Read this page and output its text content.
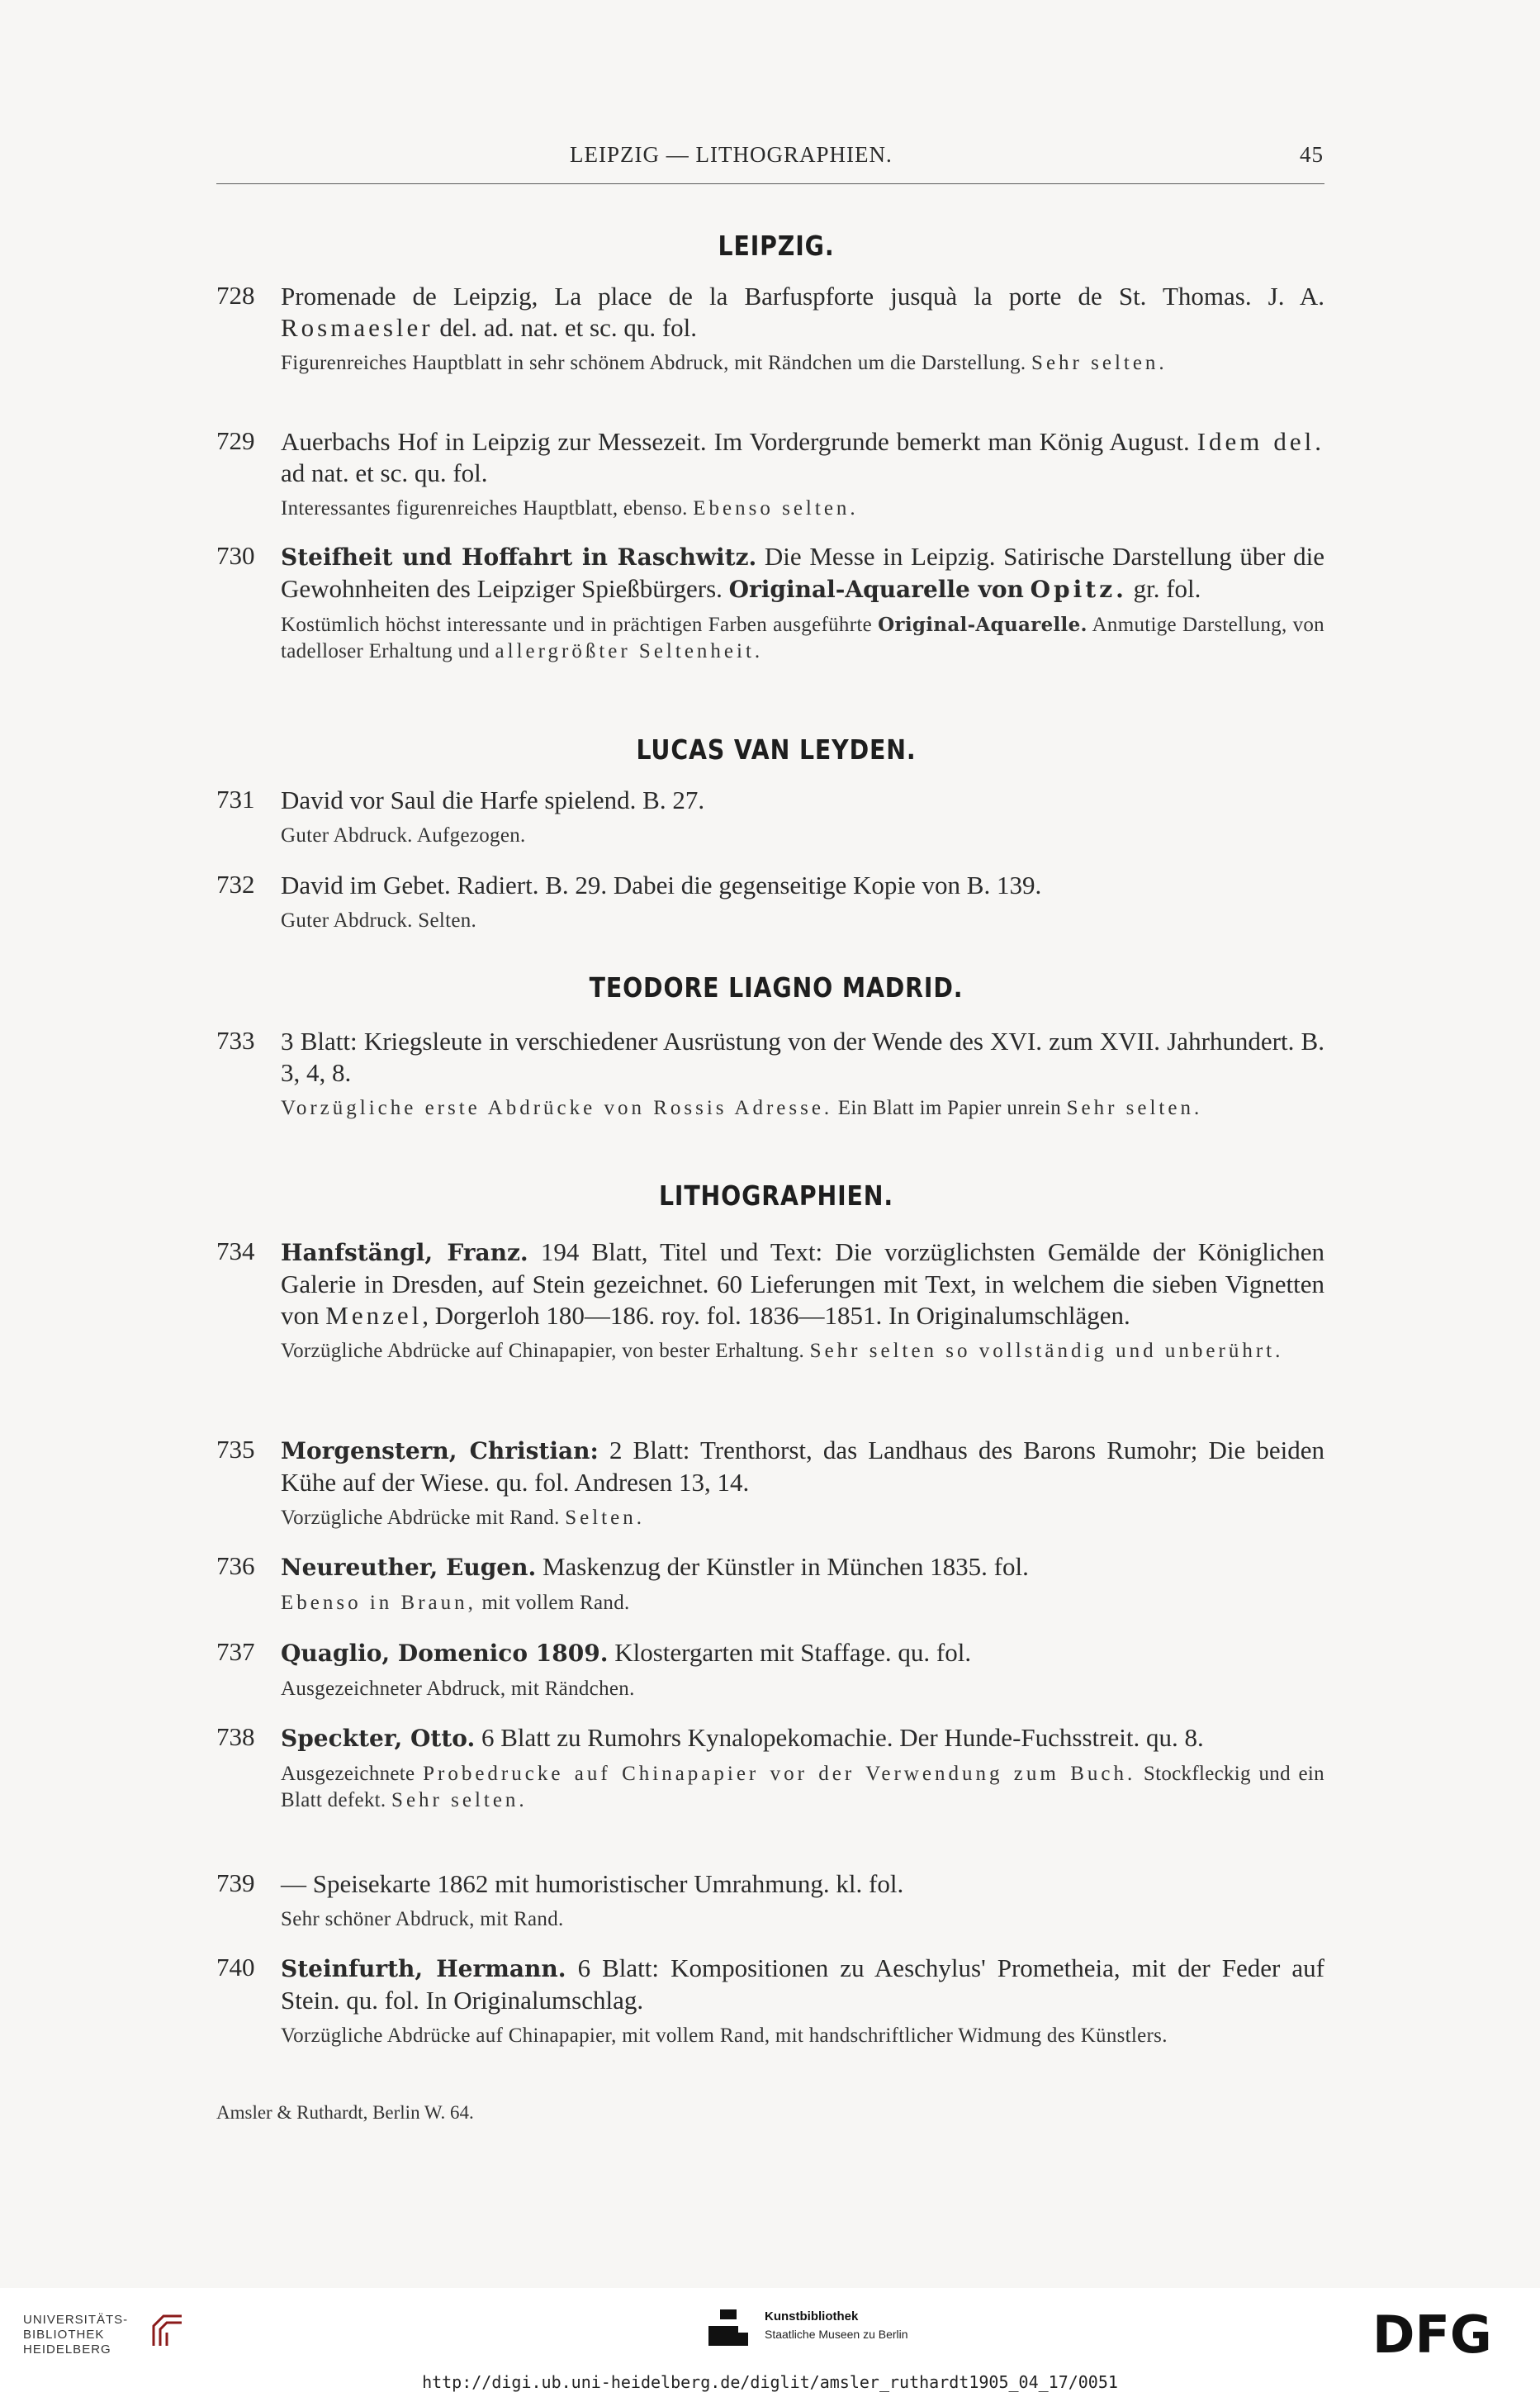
LEIPZIG — LITHOGRAPHIEN.	45
LEIPZIG.
728 Promenade de Leipzig, La place de la Barfuspforte jusquà la porte de St. Thomas. J. A. Rosmaesler del. ad. nat. et sc. qu. fol.
Figurenreiches Hauptblatt in sehr schönem Abdruck, mit Rändchen um die Darstellung. Sehr selten.
729 Auerbachs Hof in Leipzig zur Messezeit. Im Vordergrunde bemerkt man König August. Idem del. ad nat. et sc. qu. fol.
Interessantes figurenreiches Hauptblatt, ebenso. Ebenso selten.
730 Steifheit und Hoffahrt in Raschwitz. Die Messe in Leipzig. Satirische Darstellung über die Gewohnheiten des Leipziger Spießbürgers. Original-Aquarelle von Opitz. gr. fol.
Kostümlich höchst interessante und in prächtigen Farben ausgeführte Original-Aquarelle. Anmutige Darstellung, von tadelloser Erhaltung und allergrößter Seltenheit.
LUCAS VAN LEYDEN.
731 David vor Saul die Harfe spielend. B. 27.
Guter Abdruck. Aufgezogen.
732 David im Gebet. Radiert. B. 29. Dabei die gegenseitige Kopie von B. 139.
Guter Abdruck. Selten.
TEODORE LIAGNO MADRID.
733 3 Blatt: Kriegsleute in verschiedener Ausrüstung von der Wende des XVI. zum XVII. Jahrhundert. B. 3, 4, 8.
Vorzügliche erste Abdrücke von Rossis Adresse. Ein Blatt im Papier unrein Sehr selten.
LITHOGRAPHIEN.
734 Hanfstängl, Franz. 194 Blatt, Titel und Text: Die vorzüglichsten Gemälde der Königlichen Galerie in Dresden, auf Stein gezeichnet. 60 Lieferungen mit Text, in welchem die sieben Vignetten von Menzel, Dorgerloh 180—186. roy. fol. 1836—1851. In Originalumschlägen.
Vorzügliche Abdrücke auf Chinapapier, von bester Erhaltung. Sehr selten so vollständig und unberührt.
735 Morgenstern, Christian: 2 Blatt: Trenthorst, das Landhaus des Barons Rumohr; Die beiden Kühe auf der Wiese. qu. fol. Andresen 13, 14.
Vorzügliche Abdrücke mit Rand. Selten.
736 Neureuther, Eugen. Maskenzug der Künstler in München 1835. fol.
Ebenso in Braun, mit vollem Rand.
737 Quaglio, Domenico 1809. Klostergarten mit Staffage. qu. fol.
Ausgezeichneter Abdruck, mit Rändchen.
738 Speckter, Otto. 6 Blatt zu Rumohrs Kynalopekomachie. Der Hunde-Fuchsstreit. qu. 8.
Ausgezeichnete Probedrucke auf Chinapapier vor der Verwendung zum Buch. Stockfleckig und ein Blatt defekt. Sehr selten.
739 — Speisekarte 1862 mit humoristischer Umrahmung. kl. fol.
Sehr schöner Abdruck, mit Rand.
740 Steinfurth, Hermann. 6 Blatt: Kompositionen zu Aeschylus' Prometheia, mit der Feder auf Stein. qu. fol. In Originalumschlag.
Vorzügliche Abdrücke auf Chinapapier, mit vollem Rand, mit handschriftlicher Widmung des Künstlers.
Amsler & Ruthardt, Berlin W. 64.
UNIVERSITÄTS-
BIBLIOTHEK
HEIDELBERG
Kunstbibliothek
Staatliche Museen zu Berlin	DFG
http://digi.ub.uni-heidelberg.de/diglit/amsler_ruthardt1905_04_17/0051
